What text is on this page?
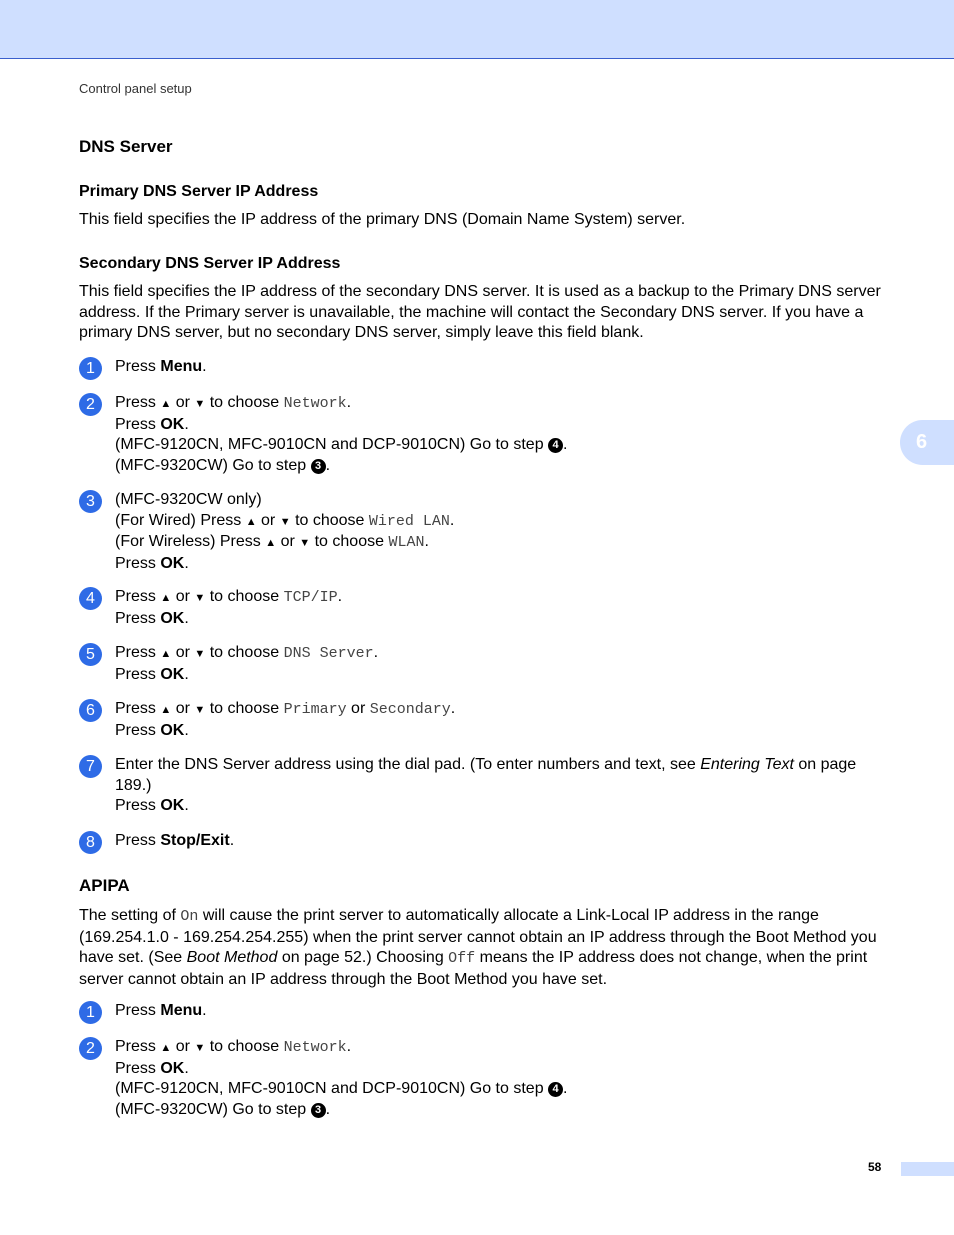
Control panel setup
6
DNS Server
Primary DNS Server IP Address
This field specifies the IP address of the primary DNS (Domain Name System) server.
Secondary DNS Server IP Address
This field specifies the IP address of the secondary DNS server. It is used as a backup to the Primary DNS server address. If the Primary server is unavailable, the machine will contact the Secondary DNS server. If you have a primary DNS server, but no secondary DNS server, simply leave this field blank.
1	Press Menu.
2	Press ▲ or ▼ to choose Network.
Press OK.
(MFC-9120CN, MFC-9010CN and DCP-9010CN) Go to step 4 .
(MFC-9320CW) Go to step 3 .
3	(MFC-9320CW only)
(For Wired) Press ▲ or ▼ to choose Wired LAN.
(For Wireless) Press ▲ or ▼ to choose WLAN.
Press OK.
4	Press ▲ or ▼ to choose TCP/IP.
Press OK.
5	Press ▲ or ▼ to choose DNS Server.
Press OK.
6	Press ▲ or ▼ to choose Primary or Secondary.
Press OK.
7	Enter the DNS Server address using the dial pad. (To enter numbers and text, see Entering Text on page 189.)
Press OK.
8	Press Stop/Exit.
APIPA
The setting of On will cause the print server to automatically allocate a Link-Local IP address in the range (169.254.1.0 - 169.254.254.255) when the print server cannot obtain an IP address through the Boot Method you have set. (See Boot Method on page 52.) Choosing Off means the IP address does not change, when the print server cannot obtain an IP address through the Boot Method you have set.
1	Press Menu.
2	Press ▲ or ▼ to choose Network.
Press OK.
(MFC-9120CN, MFC-9010CN and DCP-9010CN) Go to step 4 .
(MFC-9320CW) Go to step 3 .
58
